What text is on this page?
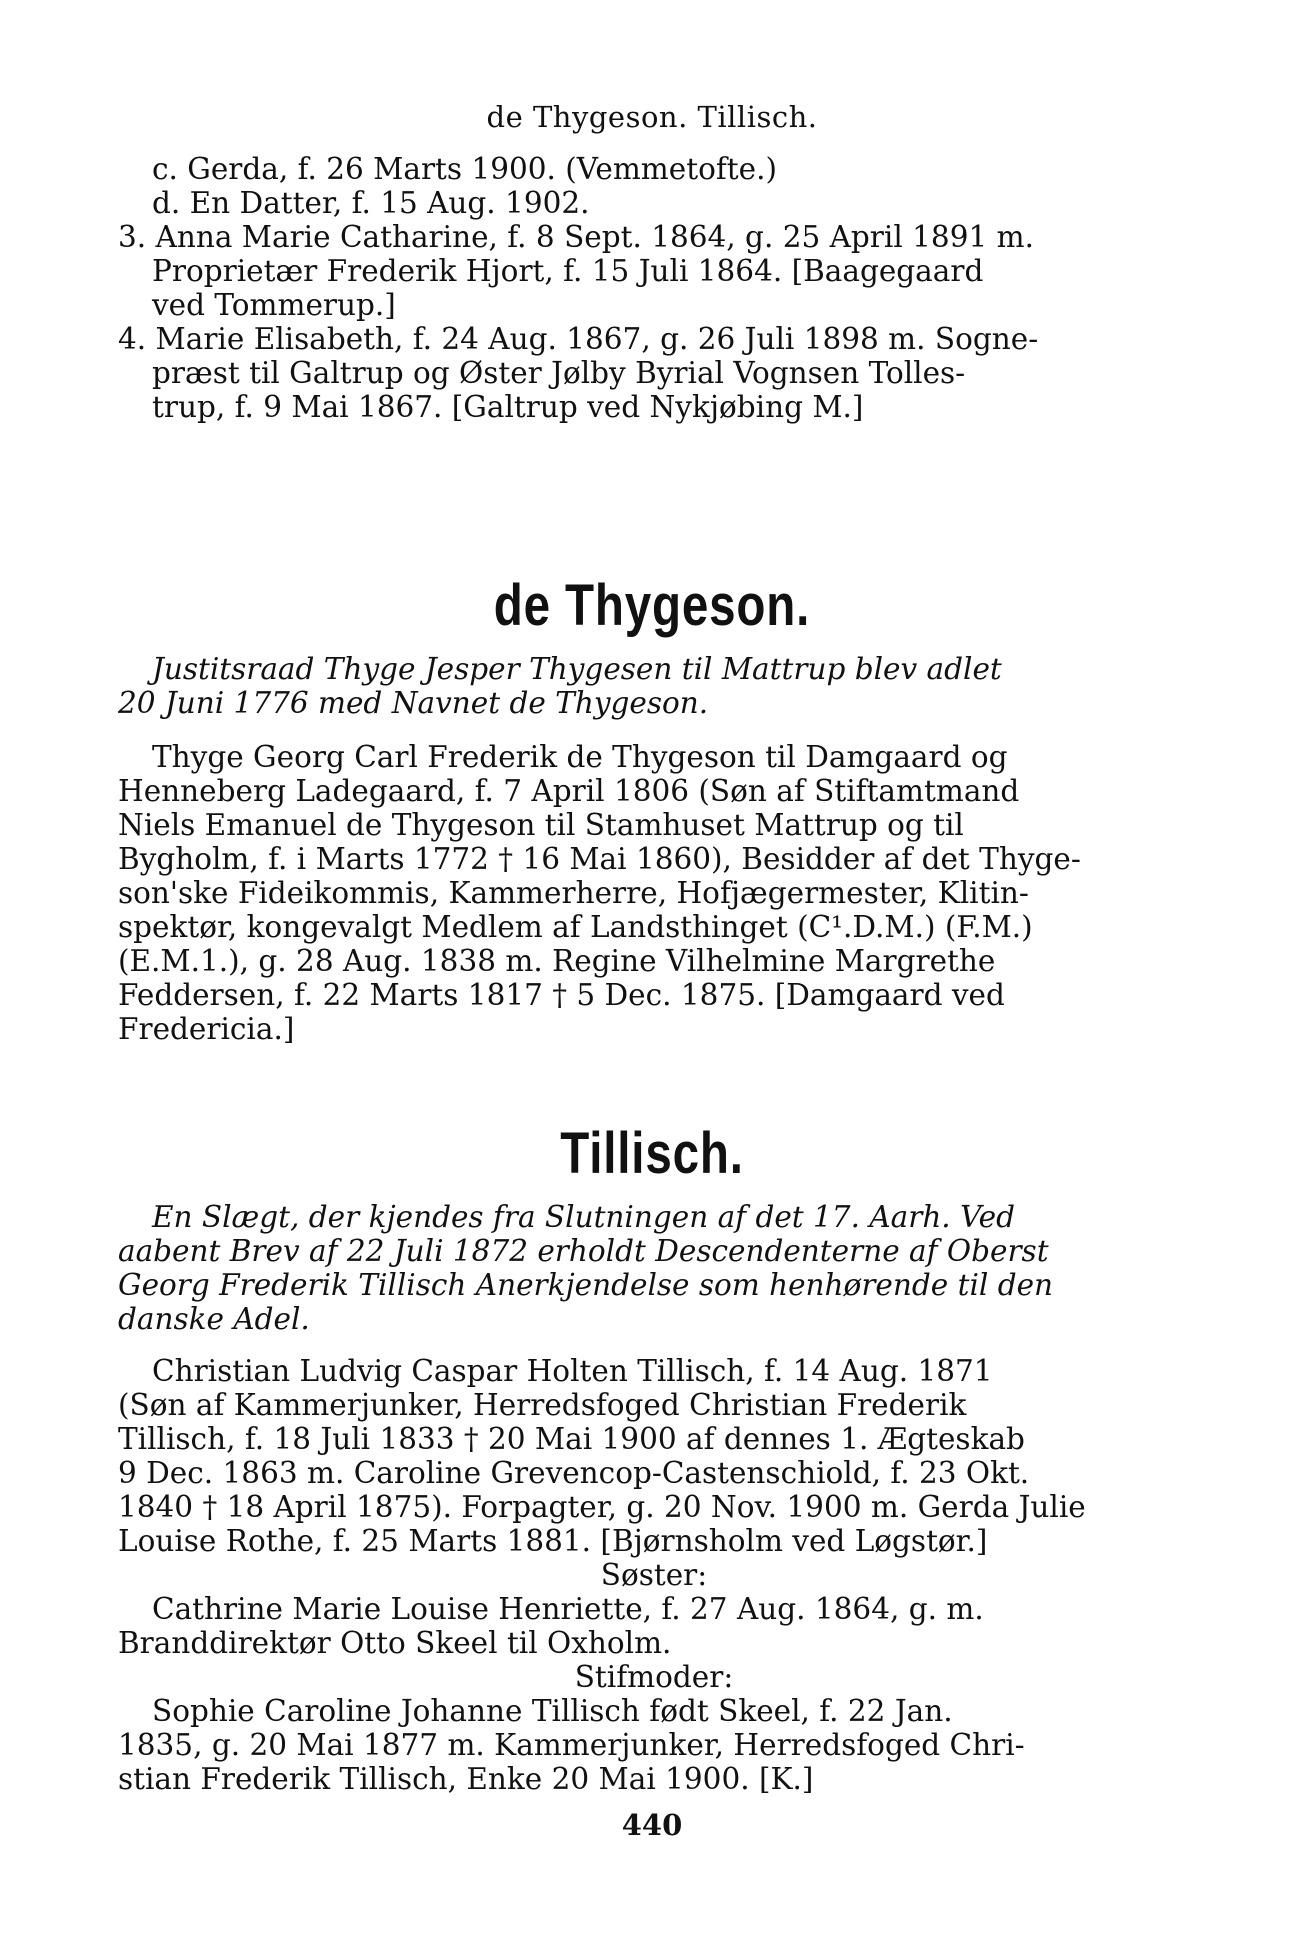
de Thygeson. Tillisch.
c. Gerda, f. 26 Marts 1900. (Vemmetofte.)
d. En Datter, f. 15 Aug. 1902.
3. Anna Marie Catharine, f. 8 Sept. 1864, g. 25 April 1891 m.
Proprietær Frederik Hjort, f. 15 Juli 1864. [Baagegaard
ved Tommerup.]
4. Marie Elisabeth, f. 24 Aug. 1867, g. 26 Juli 1898 m. Sogne-
præst til Galtrup og Øster Jølby Byrial Vognsen Tolles-
trup, f. 9 Mai 1867. [Galtrup ved Nykjøbing M.]
de Thygeson.
Justitsraad Thyge Jesper Thygesen til Mattrup blev adlet
20 Juni 1776 med Navnet de Thygeson.
Thyge Georg Carl Frederik de Thygeson til Damgaard og
Henneberg Ladegaard, f. 7 April 1806 (Søn af Stiftamtmand
Niels Emanuel de Thygeson til Stamhuset Mattrup og til
Bygholm, f. i Marts 1772 † 16 Mai 1860), Besidder af det Thyge-
son'ske Fideikommis, Kammerherre, Hofjægermester, Klitin-
spektør, kongevalgt Medlem af Landsthinget (C¹.D.M.) (F.M.)
(E.M.1.), g. 28 Aug. 1838 m. Regine Vilhelmine Margrethe
Feddersen, f. 22 Marts 1817 † 5 Dec. 1875. [Damgaard ved
Fredericia.]
Tillisch.
En Slægt, der kjendes fra Slutningen af det 17. Aarh. Ved
aabent Brev af 22 Juli 1872 erholdt Descendenterne af Oberst
Georg Frederik Tillisch Anerkjendelse som henhørende til den
danske Adel.
Christian Ludvig Caspar Holten Tillisch, f. 14 Aug. 1871
(Søn af Kammerjunker, Herredsfoged Christian Frederik
Tillisch, f. 18 Juli 1833 † 20 Mai 1900 af dennes 1. Ægteskab
9 Dec. 1863 m. Caroline Grevencop-Castenschiold, f. 23 Okt.
1840 † 18 April 1875). Forpagter, g. 20 Nov. 1900 m. Gerda Julie
Louise Rothe, f. 25 Marts 1881. [Bjørnsholm ved Løgstør.]
Søster:
Cathrine Marie Louise Henriette, f. 27 Aug. 1864, g. m.
Branddirektør Otto Skeel til Oxholm.
Stifmoder:
Sophie Caroline Johanne Tillisch født Skeel, f. 22 Jan.
1835, g. 20 Mai 1877 m. Kammerjunker, Herredsfoged Chri-
stian Frederik Tillisch, Enke 20 Mai 1900. [K.]
440
